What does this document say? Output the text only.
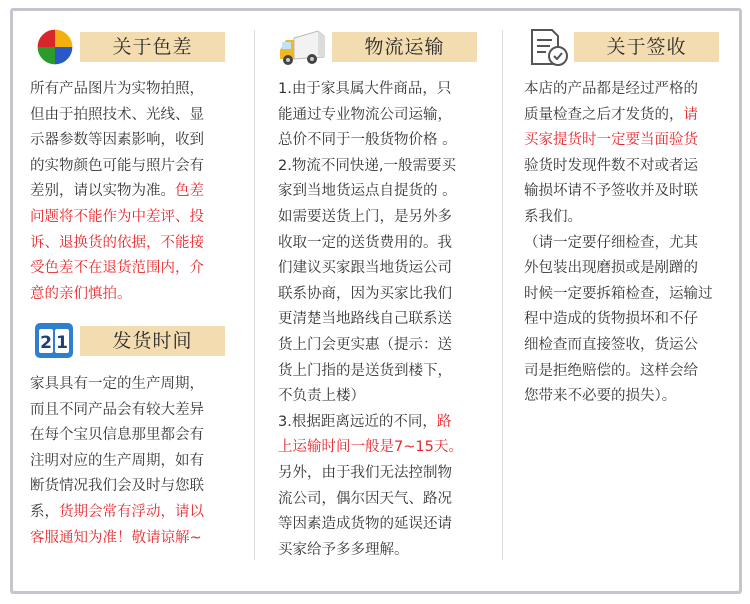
关于色差
所有产品图片为实物拍照，
但由于拍照技术、光线、显
示器参数等因素影响，收到
的实物颜色可能与照片会有
差别，请以实物为准。色差
问题将不能作为中差评、投
诉、退换货的依据，不能接
受色差不在退货范围内，介
意的亲们慎拍。
2 1	发货时间
家具具有一定的生产周期，
而且不同产品会有较大差异
在每个宝贝信息那里都会有
注明对应的生产周期，如有
断货情况我们会及时与您联
系，货期会常有浮动，请以
客服通知为准！敬请谅解~
物流运输
1.由于家具属大件商品，只
能通过专业物流公司运输，
总价不同于一般货物价格 。
2.物流不同快递,一般需要买
家到当地货运点自提货的 。
如需要送货上门，是另外多
收取一定的送货费用的。我
们建议买家跟当地货运公司
联系协商，因为买家比我们
更清楚当地路线自己联系送
货上门会更实惠（提示：送
货上门指的是送货到楼下，
不负责上楼）
3.根据距离远近的不同，路
上运输时间一般是7~15天。
另外，由于我们无法控制物
流公司，偶尔因天气、路况
等因素造成货物的延误还请
买家给予多多理解。
关于签收
本店的产品都是经过严格的
质量检查之后才发货的，请
买家提货时一定要当面验货
验货时发现件数不对或者运
输损坏请不予签收并及时联
系我们。
（请一定要仔细检查，尤其
外包装出现磨损或是剐蹭的
时候一定要拆箱检查，运输过
程中造成的货物损坏和不仔
细检查而直接签收，货运公
司是拒绝赔偿的。这样会给
您带来不必要的损失）。
